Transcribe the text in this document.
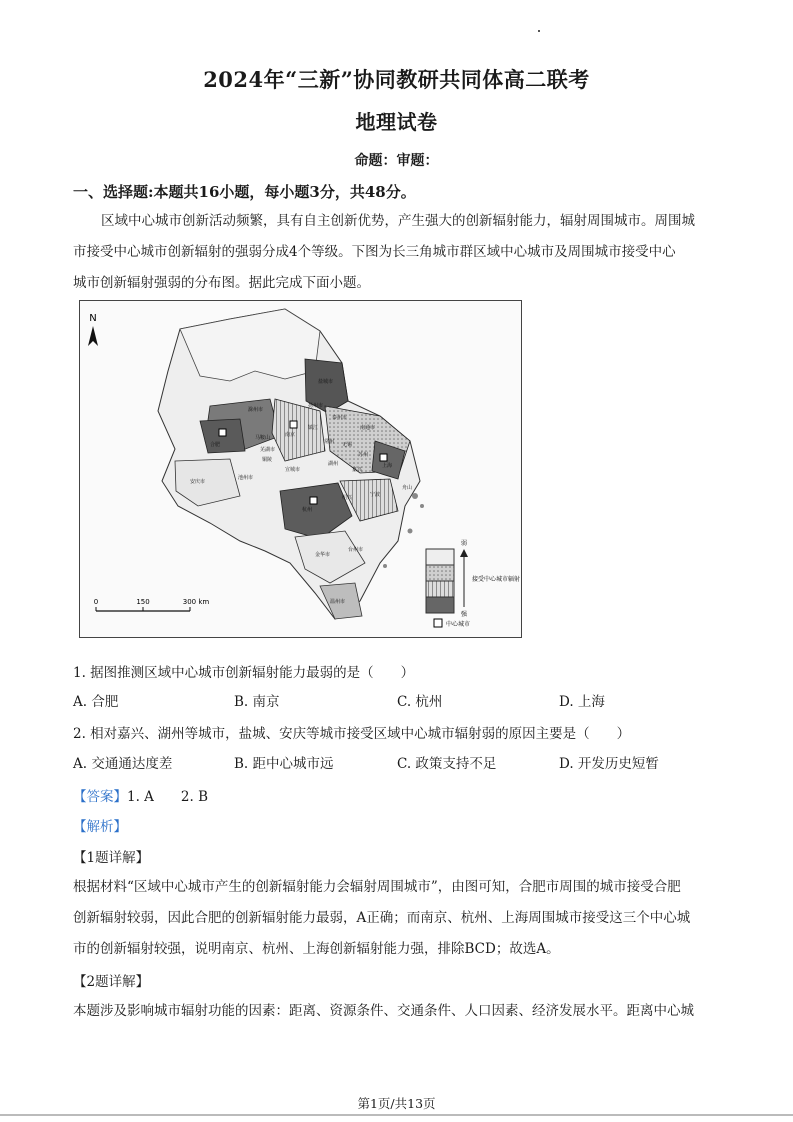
2024年“三新”协同教研共同体高二联考
地理试卷
命题：审题：
一、选择题:本题共16小题，每小题3分，共48分。
区域中心城市创新活动频繁，具有自主创新优势，产生强大的创新辐射能力，辐射周围城市。周围城
市接受中心城市创新辐射的强弱分成4个等级。下图为长三角城市群区域中心城市及周围城市接受中心
城市创新辐射强弱的分布图。据此完成下面小题。
N
0	150	300 km
弱
强
接受中心城市辐射
中心城市
盐城市
扬州市
泰州市
南通市
南京
滁州市
合肥
安庆市
芜湖市
马鞍山
镇江
常州 无锡
苏州
上海
湖州
嘉兴
杭州
绍兴	宁波
舟山
宣城市
池州市
铜陵
金华市
台州市
温州市
1. 据图推测区域中心城市创新辐射能力最弱的是（　　）
A. 合肥	B. 南京	C. 杭州	D. 上海
2. 相对嘉兴、湖州等城市，盐城、安庆等城市接受区域中心城市辐射弱的原因主要是（　　）
A. 交通通达度差	B. 距中心城市远	C. 政策支持不足	D. 开发历史短暂
【答案】1. A　　2. B
【解析】
【1题详解】
根据材料“区域中心城市产生的创新辐射能力会辐射周围城市”，由图可知，合肥市周围的城市接受合肥
创新辐射较弱，因此合肥的创新辐射能力最弱，A正确；而南京、杭州、上海周围城市接受这三个中心城
市的创新辐射较强，说明南京、杭州、上海创新辐射能力强，排除BCD；故选A。
【2题详解】
本题涉及影响城市辐射功能的因素：距离、资源条件、交通条件、人口因素、经济发展水平。距离中心城
第1页/共13页
